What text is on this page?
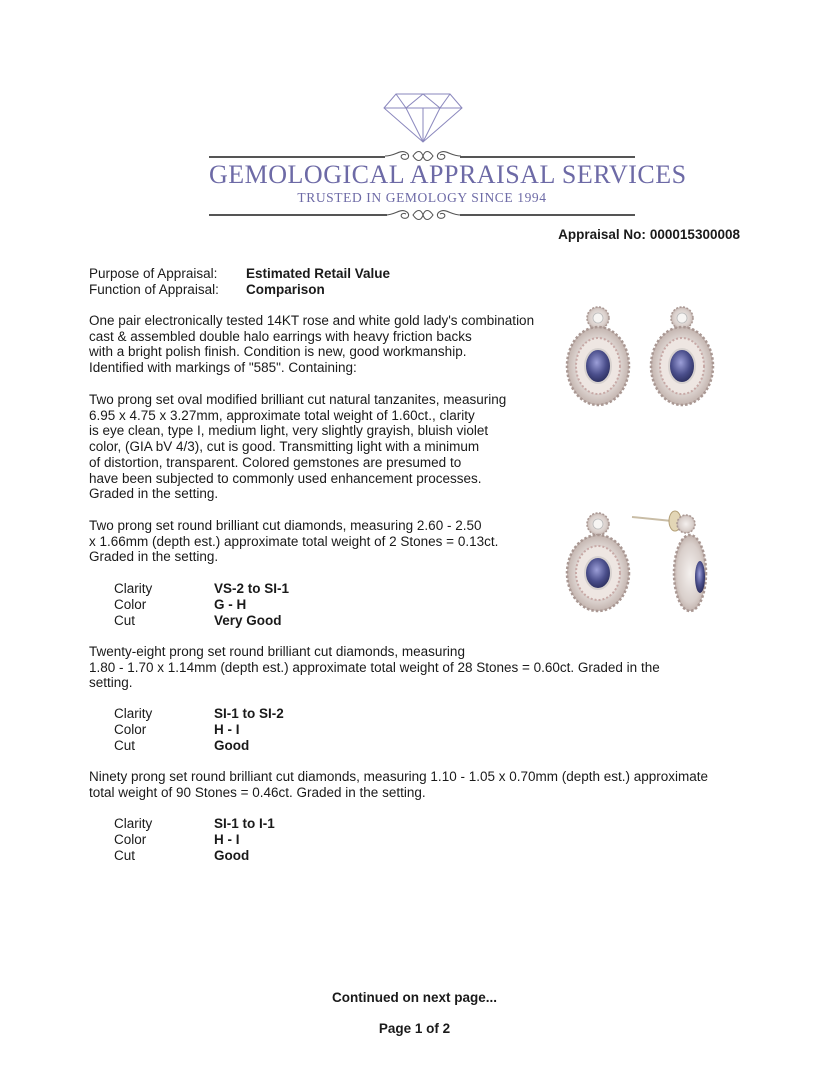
GEMOLOGICAL APPRAISAL SERVICES
TRUSTED IN GEMOLOGY SINCE 1994
Appraisal No: 000015300008
Purpose of Appraisal: Estimated Retail Value
Function of Appraisal: Comparison
One pair electronically tested 14KT rose and white gold lady's combination
cast & assembled double halo earrings with heavy friction backs
with a bright polish finish. Condition is new, good workmanship.
Identified with markings of "585". Containing:
Two prong set oval modified brilliant cut natural tanzanites, measuring
6.95 x 4.75 x 3.27mm, approximate total weight of 1.60ct., clarity
is eye clean, type I, medium light, very slightly grayish, bluish violet
color, (GIA bV 4/3), cut is good. Transmitting light with a minimum
of distortion, transparent. Colored gemstones are presumed to
have been subjected to commonly used enhancement processes.
Graded in the setting.
Two prong set round brilliant cut diamonds, measuring 2.60 - 2.50
x 1.66mm (depth est.) approximate total weight of 2 Stones = 0.13ct.
Graded in the setting.
Clarity	VS-2 to SI-1
Color	G - H
Cut	Very Good
Twenty-eight prong set round brilliant cut diamonds, measuring
1.80 - 1.70 x 1.14mm (depth est.) approximate total weight of 28 Stones = 0.60ct. Graded in the
setting.
Clarity	SI-1 to SI-2
Color	H - I
Cut	Good
Ninety prong set round brilliant cut diamonds, measuring 1.10 - 1.05 x 0.70mm (depth est.) approximate
total weight of 90 Stones = 0.46ct. Graded in the setting.
Clarity	SI-1 to I-1
Color	H - I
Cut	Good
Continued on next page...
Page 1 of 2
